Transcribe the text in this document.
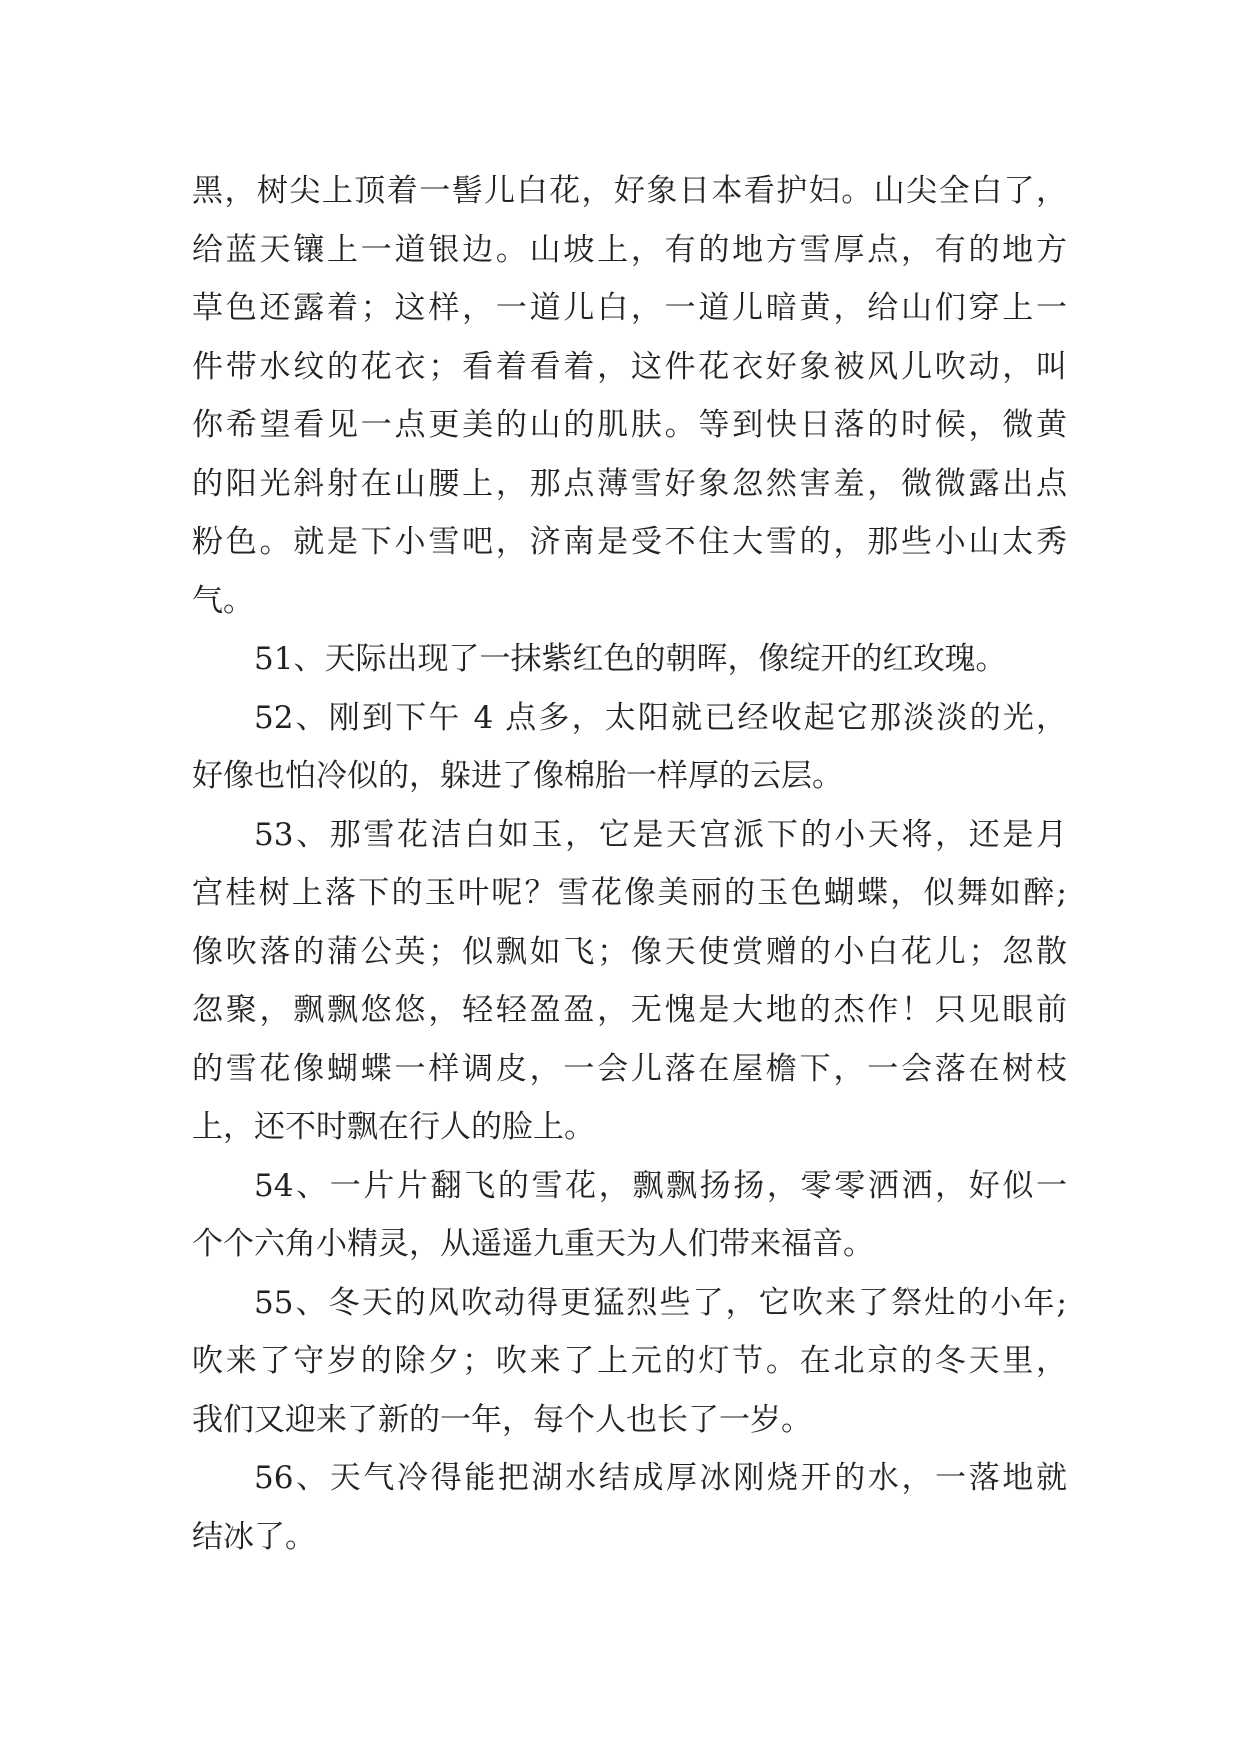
黑，树尖上顶着一髻儿白花，好象日本看护妇。山尖全白了，
给蓝天镶上一道银边。山坡上，有的地方雪厚点，有的地方
草色还露着；这样，一道儿白，一道儿暗黄，给山们穿上一
件带水纹的花衣；看着看着，这件花衣好象被风儿吹动，叫
你希望看见一点更美的山的肌肤。等到快日落的时候，微黄
的阳光斜射在山腰上，那点薄雪好象忽然害羞，微微露出点
粉色。就是下小雪吧，济南是受不住大雪的，那些小山太秀
气。
51、天际出现了一抹紫红色的朝晖，像绽开的红玫瑰。
52、刚到下午 4 点多，太阳就已经收起它那淡淡的光，
好像也怕冷似的，躲进了像棉胎一样厚的云层。
53、那雪花洁白如玉，它是天宫派下的小天将，还是月
宫桂树上落下的玉叶呢？雪花像美丽的玉色蝴蝶，似舞如醉;
像吹落的蒲公英；似飘如飞；像天使赏赠的小白花儿；忽散
忽聚，飘飘悠悠，轻轻盈盈，无愧是大地的杰作！只见眼前
的雪花像蝴蝶一样调皮，一会儿落在屋檐下，一会落在树枝
上，还不时飘在行人的脸上。
54、一片片翻飞的雪花，飘飘扬扬，零零洒洒，好似一
个个六角小精灵，从遥遥九重天为人们带来福音。
55、冬天的风吹动得更猛烈些了，它吹来了祭灶的小年;
吹来了守岁的除夕；吹来了上元的灯节。在北京的冬天里，
我们又迎来了新的一年，每个人也长了一岁。
56、天气冷得能把湖水结成厚冰刚烧开的水，一落地就
结冰了。
